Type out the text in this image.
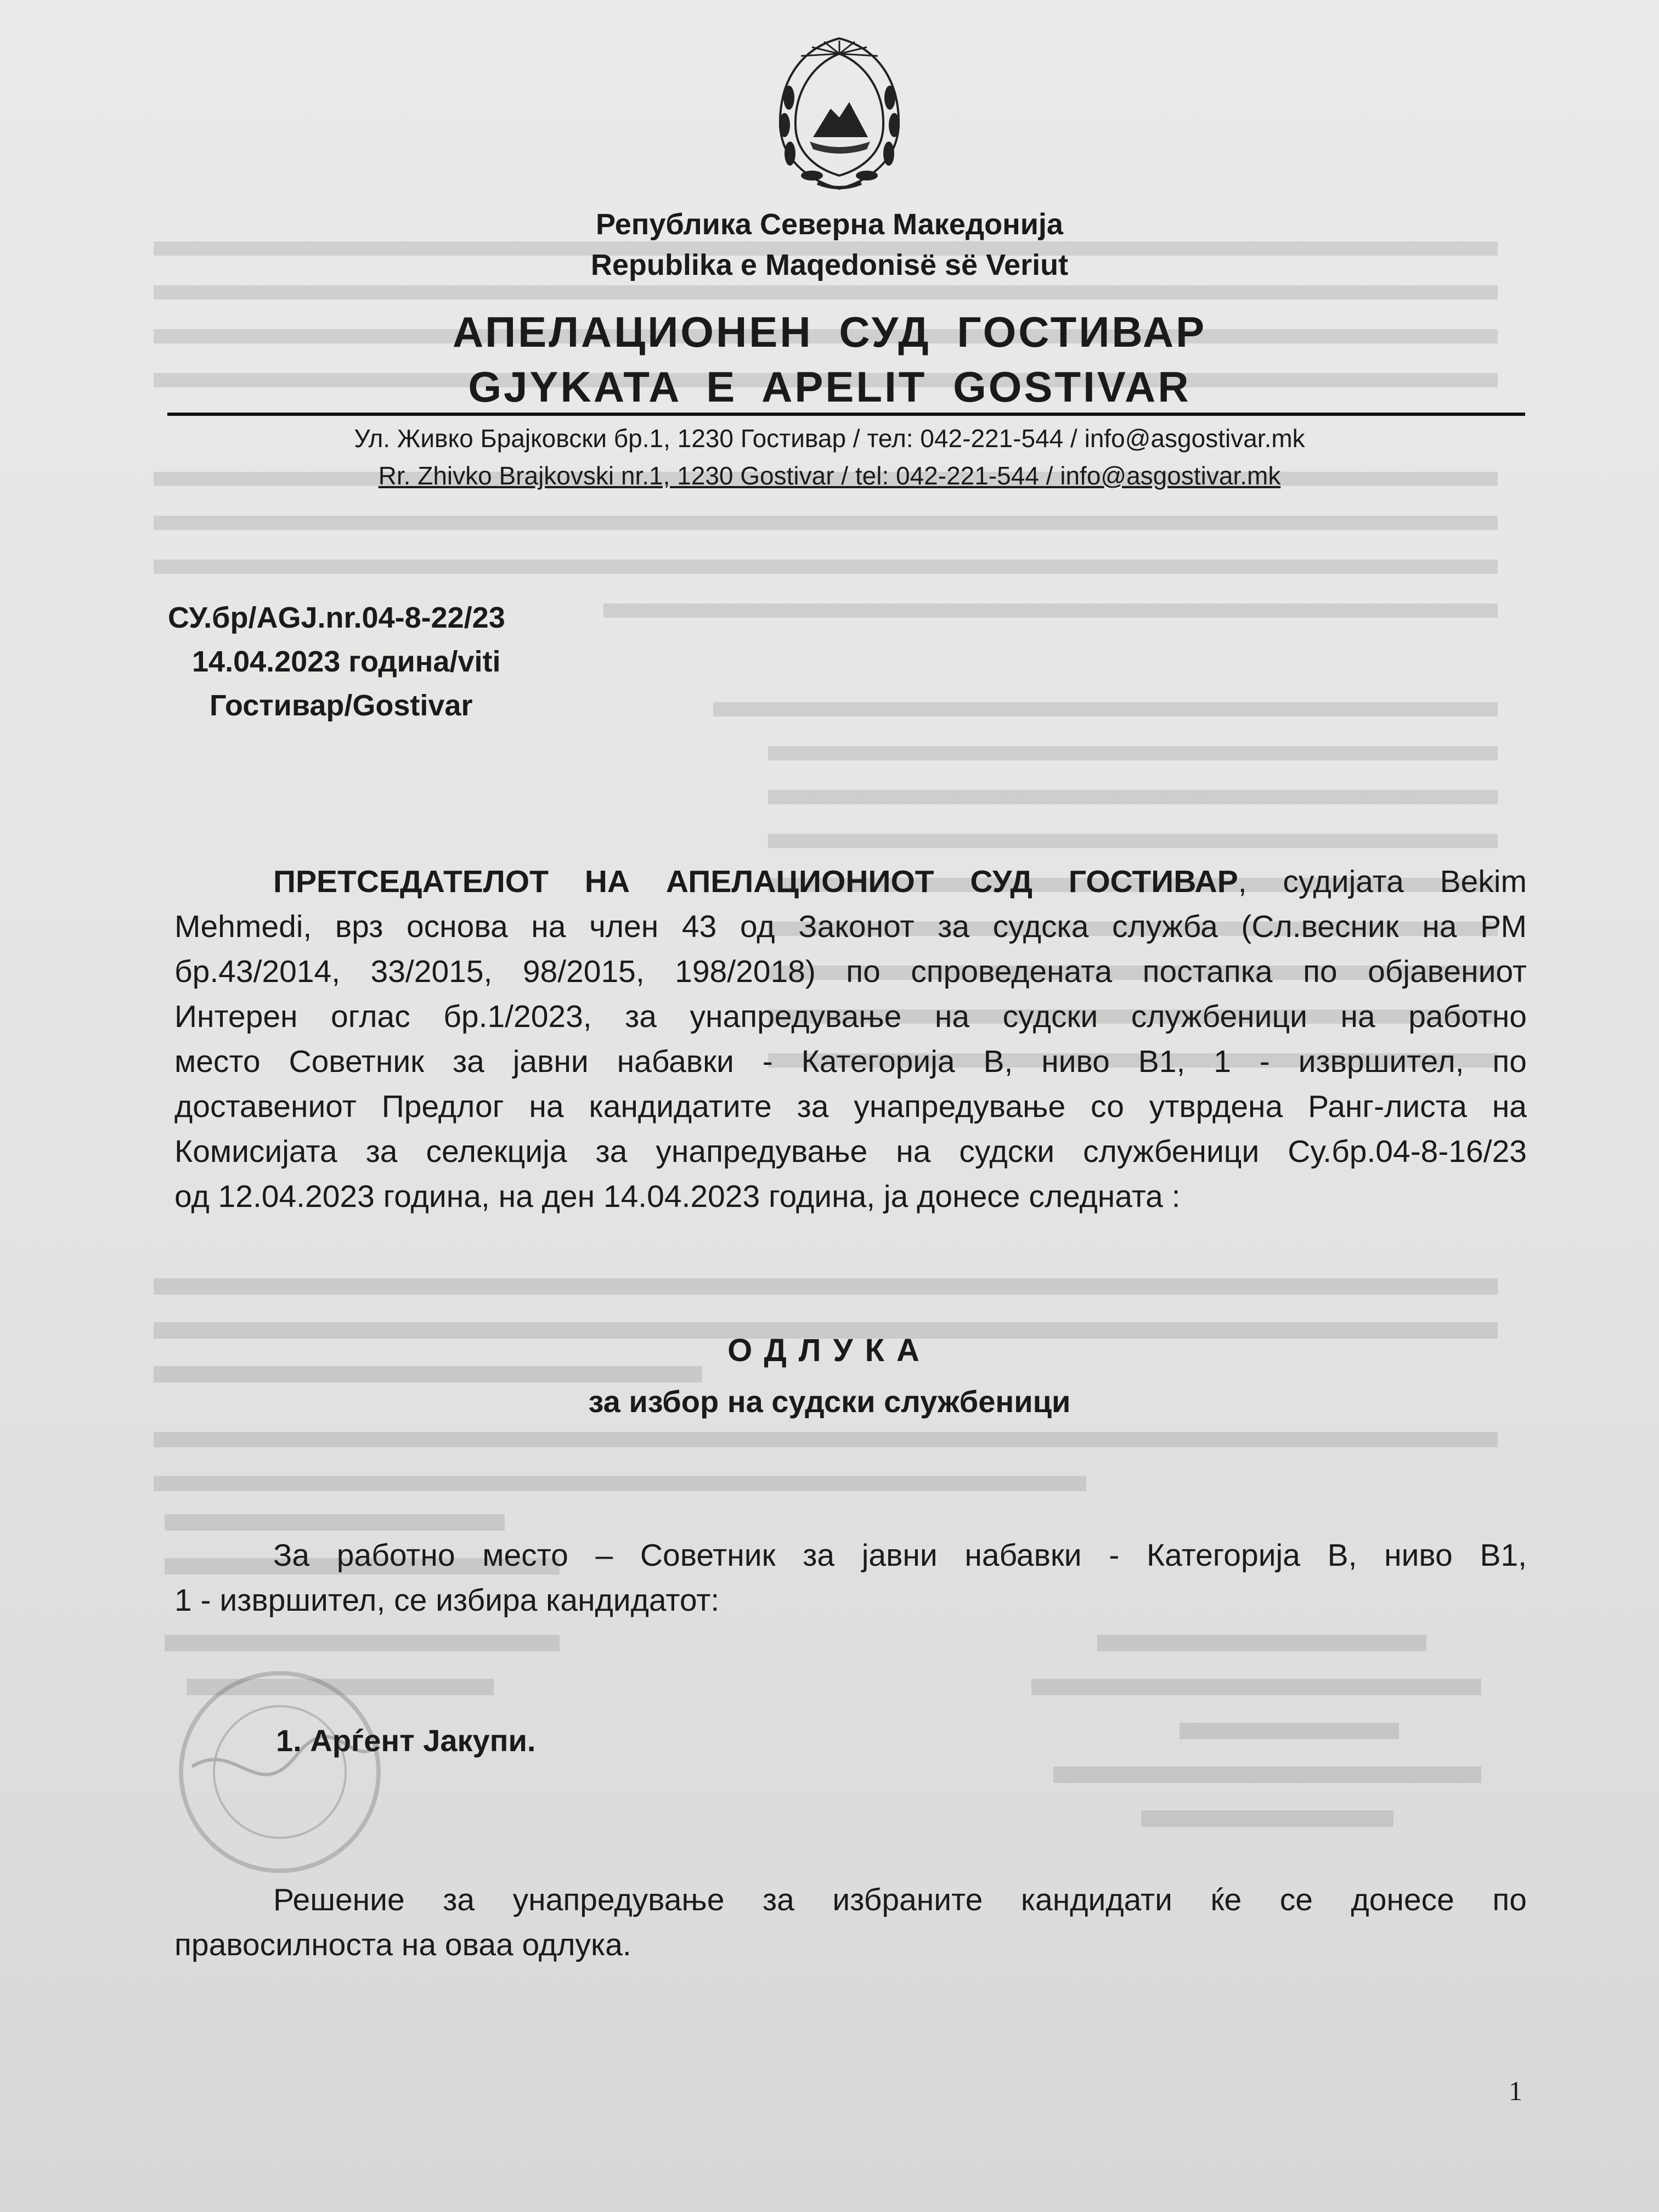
Република Северна Македонија
Republika e Maqedonisë së Veriut
АПЕЛАЦИОНЕН СУД ГОСТИВАР
GJYKATA E APELIT GOSTIVAR
Ул. Живко Брајковски бр.1, 1230 Гостивар / тел: 042-221-544 / info@asgostivar.mk
Rr. Zhivko Brajkovski nr.1, 1230 Gostivar / tel: 042-221-544 / info@asgostivar.mk
СУ.бр/AGJ.nr.04-8-22/23
14.04.2023 година/viti
Гостивар/Gostivar
ПРЕТСЕДАТЕЛОТ НА АПЕЛАЦИОНИОТ СУД ГОСТИВАР, судијата Bekim
Mehmedi, врз основа на член 43 од Законот за судска служба (Сл.весник на РМ
бр.43/2014, 33/2015, 98/2015, 198/2018) по спроведената постапка по објавениот
Интерен оглас бр.1/2023, за унапредување на судски службеници на работно
место Советник за јавни набавки - Категорија В, ниво В1, 1 - извршител, по
доставениот Предлог на кандидатите за унапредување со утврдена Ранг-листа на
Комисијата за селекција за унапредување на судски службеници Су.бр.04-8-16/23
од 12.04.2023 година, на ден 14.04.2023 година, ја донесе следната :
ОДЛУКА
за избор на судски службеници
За работно место – Советник за јавни набавки - Категорија В, ниво В1,
1 - извршител, се избира кандидатот:
1. Арѓент Јакупи.
Решение за унапредување за избраните кандидати ќе се донесе по
правосилноста на оваа одлука.
1
